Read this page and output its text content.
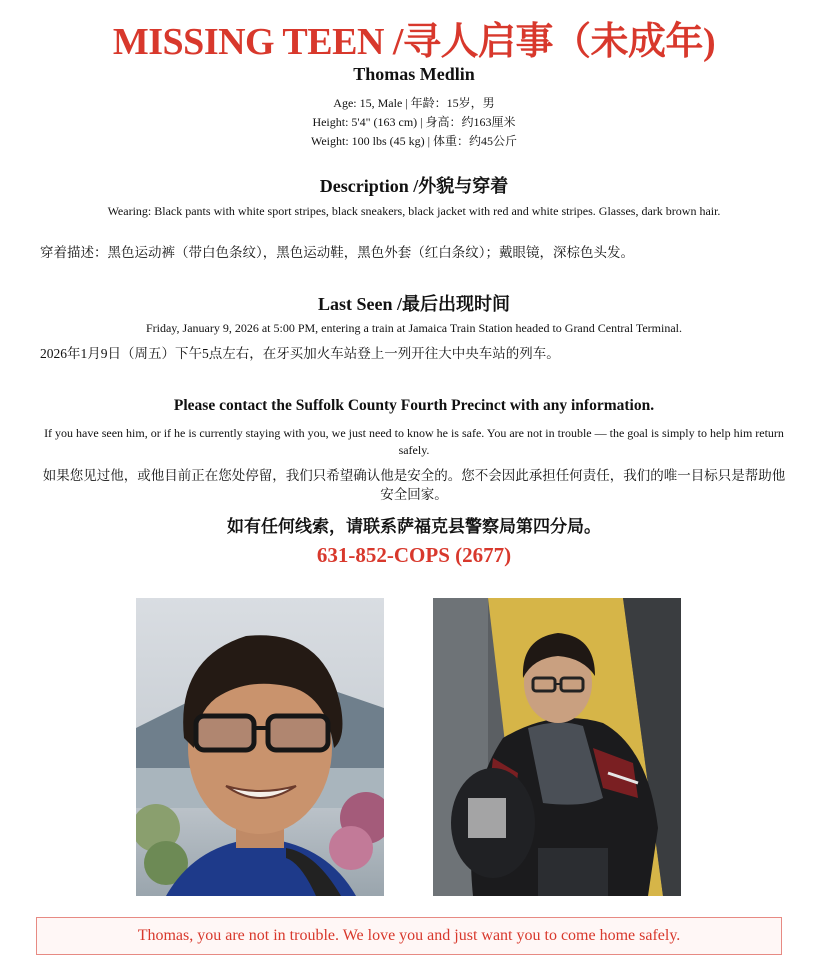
MISSING TEEN /寻人启事（未成年)
Thomas Medlin
Age: 15, Male | 年龄：15岁，男
Height: 5'4" (163 cm) | 身高：约163厘米
Weight: 100 lbs (45 kg) | 体重：约45公斤
Description /外貌与穿着
Wearing: Black pants with white sport stripes, black sneakers, black jacket with red and white stripes. Glasses, dark brown hair.
穿着描述：黑色运动裤（带白色条纹），黑色运动鞋，黑色外套（红白条纹）；戴眼镜，深棕色头发。
Last Seen /最后出现时间
Friday, January 9, 2026 at 5:00 PM, entering a train at Jamaica Train Station headed to Grand Central Terminal.
2026年1月9日（周五）下午5点左右，在牙买加火车站登上一列开往大中央车站的列车。
Please contact the Suffolk County Fourth Precinct with any information.
If you have seen him, or if he is currently staying with you, we just need to know he is safe. You are not in trouble — the goal is simply to help him return safely.
如果您见过他，或他目前正在您处停留，我们只希望确认他是安全的。您不会因此承担任何责任，我们的唯一目标只是帮助他安全回家。
如有任何线索，请联系萨福克县警察局第四分局。
631-852-COPS (2677)
Thomas, you are not in trouble. We love you and just want you to come home safely.
